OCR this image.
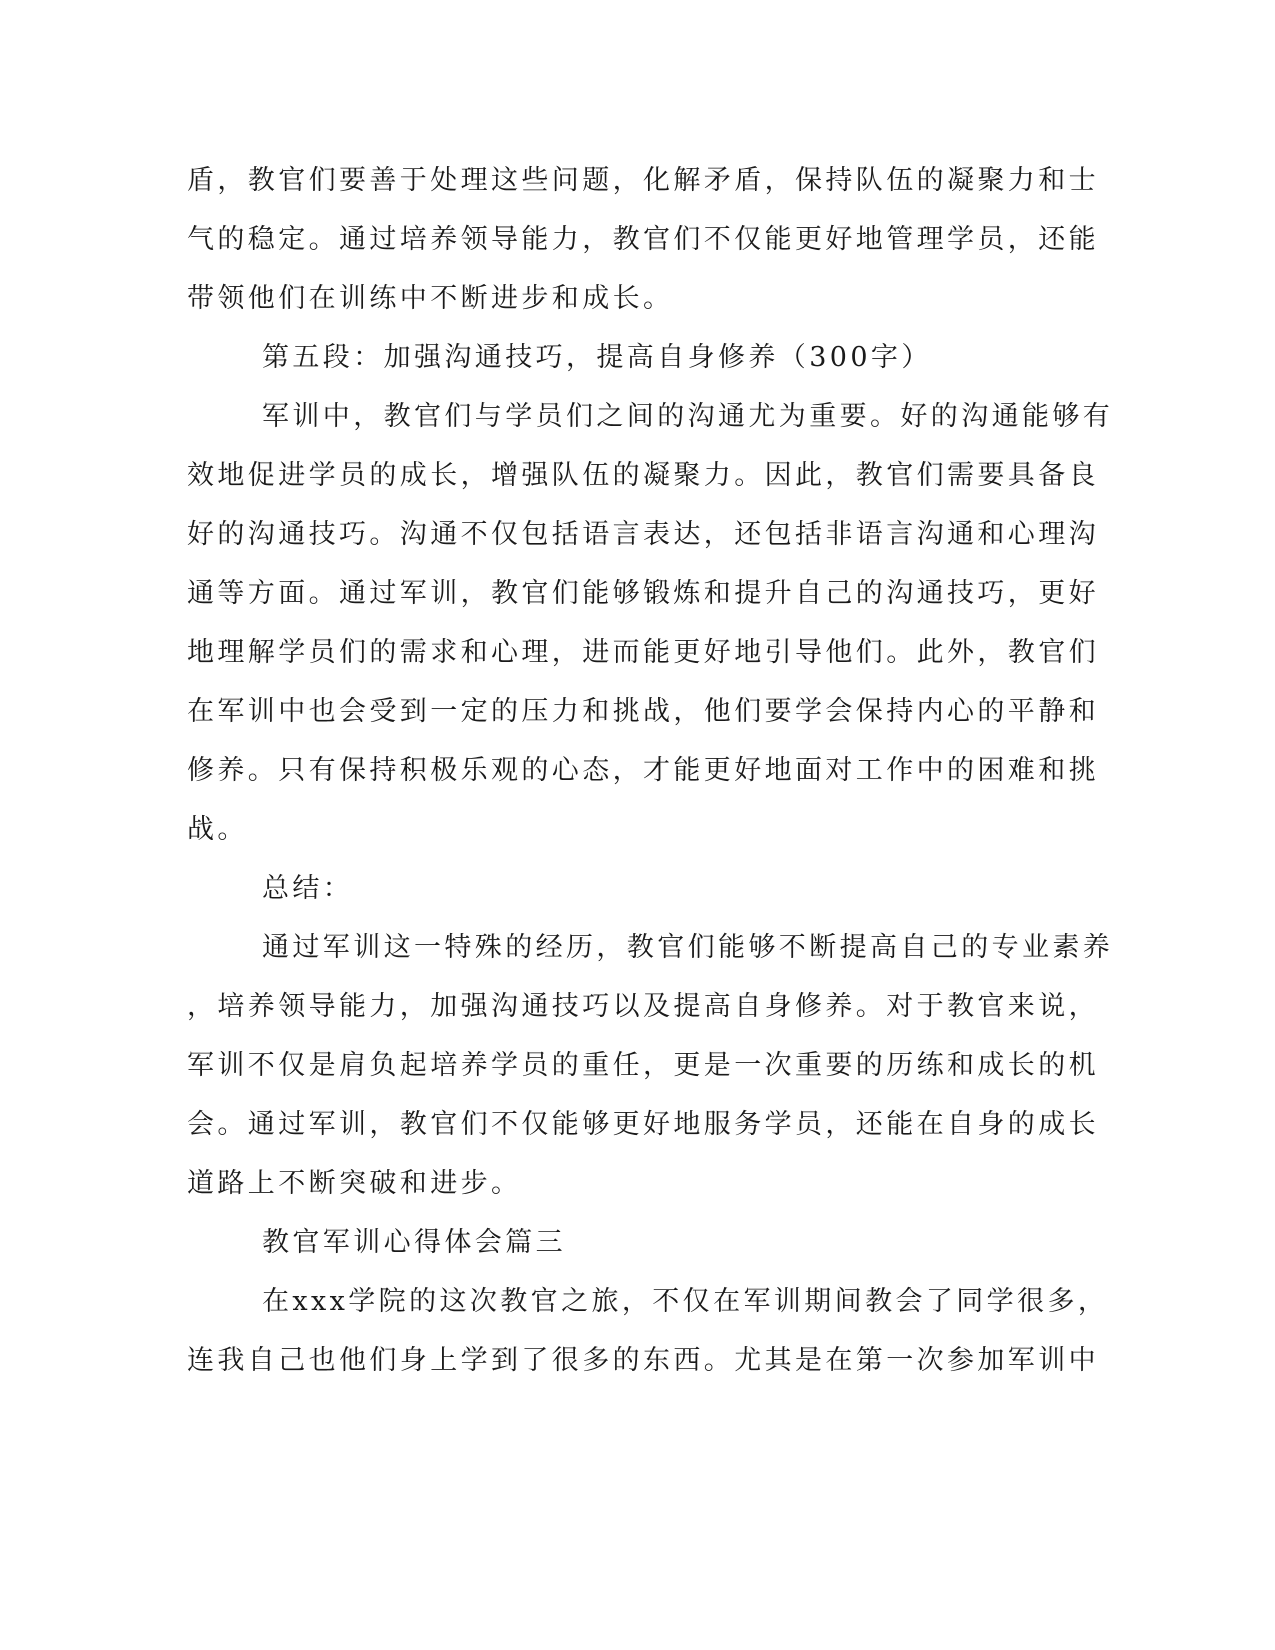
盾，教官们要善于处理这些问题，化解矛盾，保持队伍的凝聚力和士
气的稳定。通过培养领导能力，教官们不仅能更好地管理学员，还能
带领他们在训练中不断进步和成长。
第五段：加强沟通技巧，提高自身修养（300字）
军训中，教官们与学员们之间的沟通尤为重要。好的沟通能够有
效地促进学员的成长，增强队伍的凝聚力。因此，教官们需要具备良
好的沟通技巧。沟通不仅包括语言表达，还包括非语言沟通和心理沟
通等方面。通过军训，教官们能够锻炼和提升自己的沟通技巧，更好
地理解学员们的需求和心理，进而能更好地引导他们。此外，教官们
在军训中也会受到一定的压力和挑战，他们要学会保持内心的平静和
修养。只有保持积极乐观的心态，才能更好地面对工作中的困难和挑
战。
总结：
通过军训这一特殊的经历，教官们能够不断提高自己的专业素养
，培养领导能力，加强沟通技巧以及提高自身修养。对于教官来说，
军训不仅是肩负起培养学员的重任，更是一次重要的历练和成长的机
会。通过军训，教官们不仅能够更好地服务学员，还能在自身的成长
道路上不断突破和进步。
教官军训心得体会篇三
在xxx学院的这次教官之旅，不仅在军训期间教会了同学很多，
连我自己也他们身上学到了很多的东西。尤其是在第一次参加军训中
